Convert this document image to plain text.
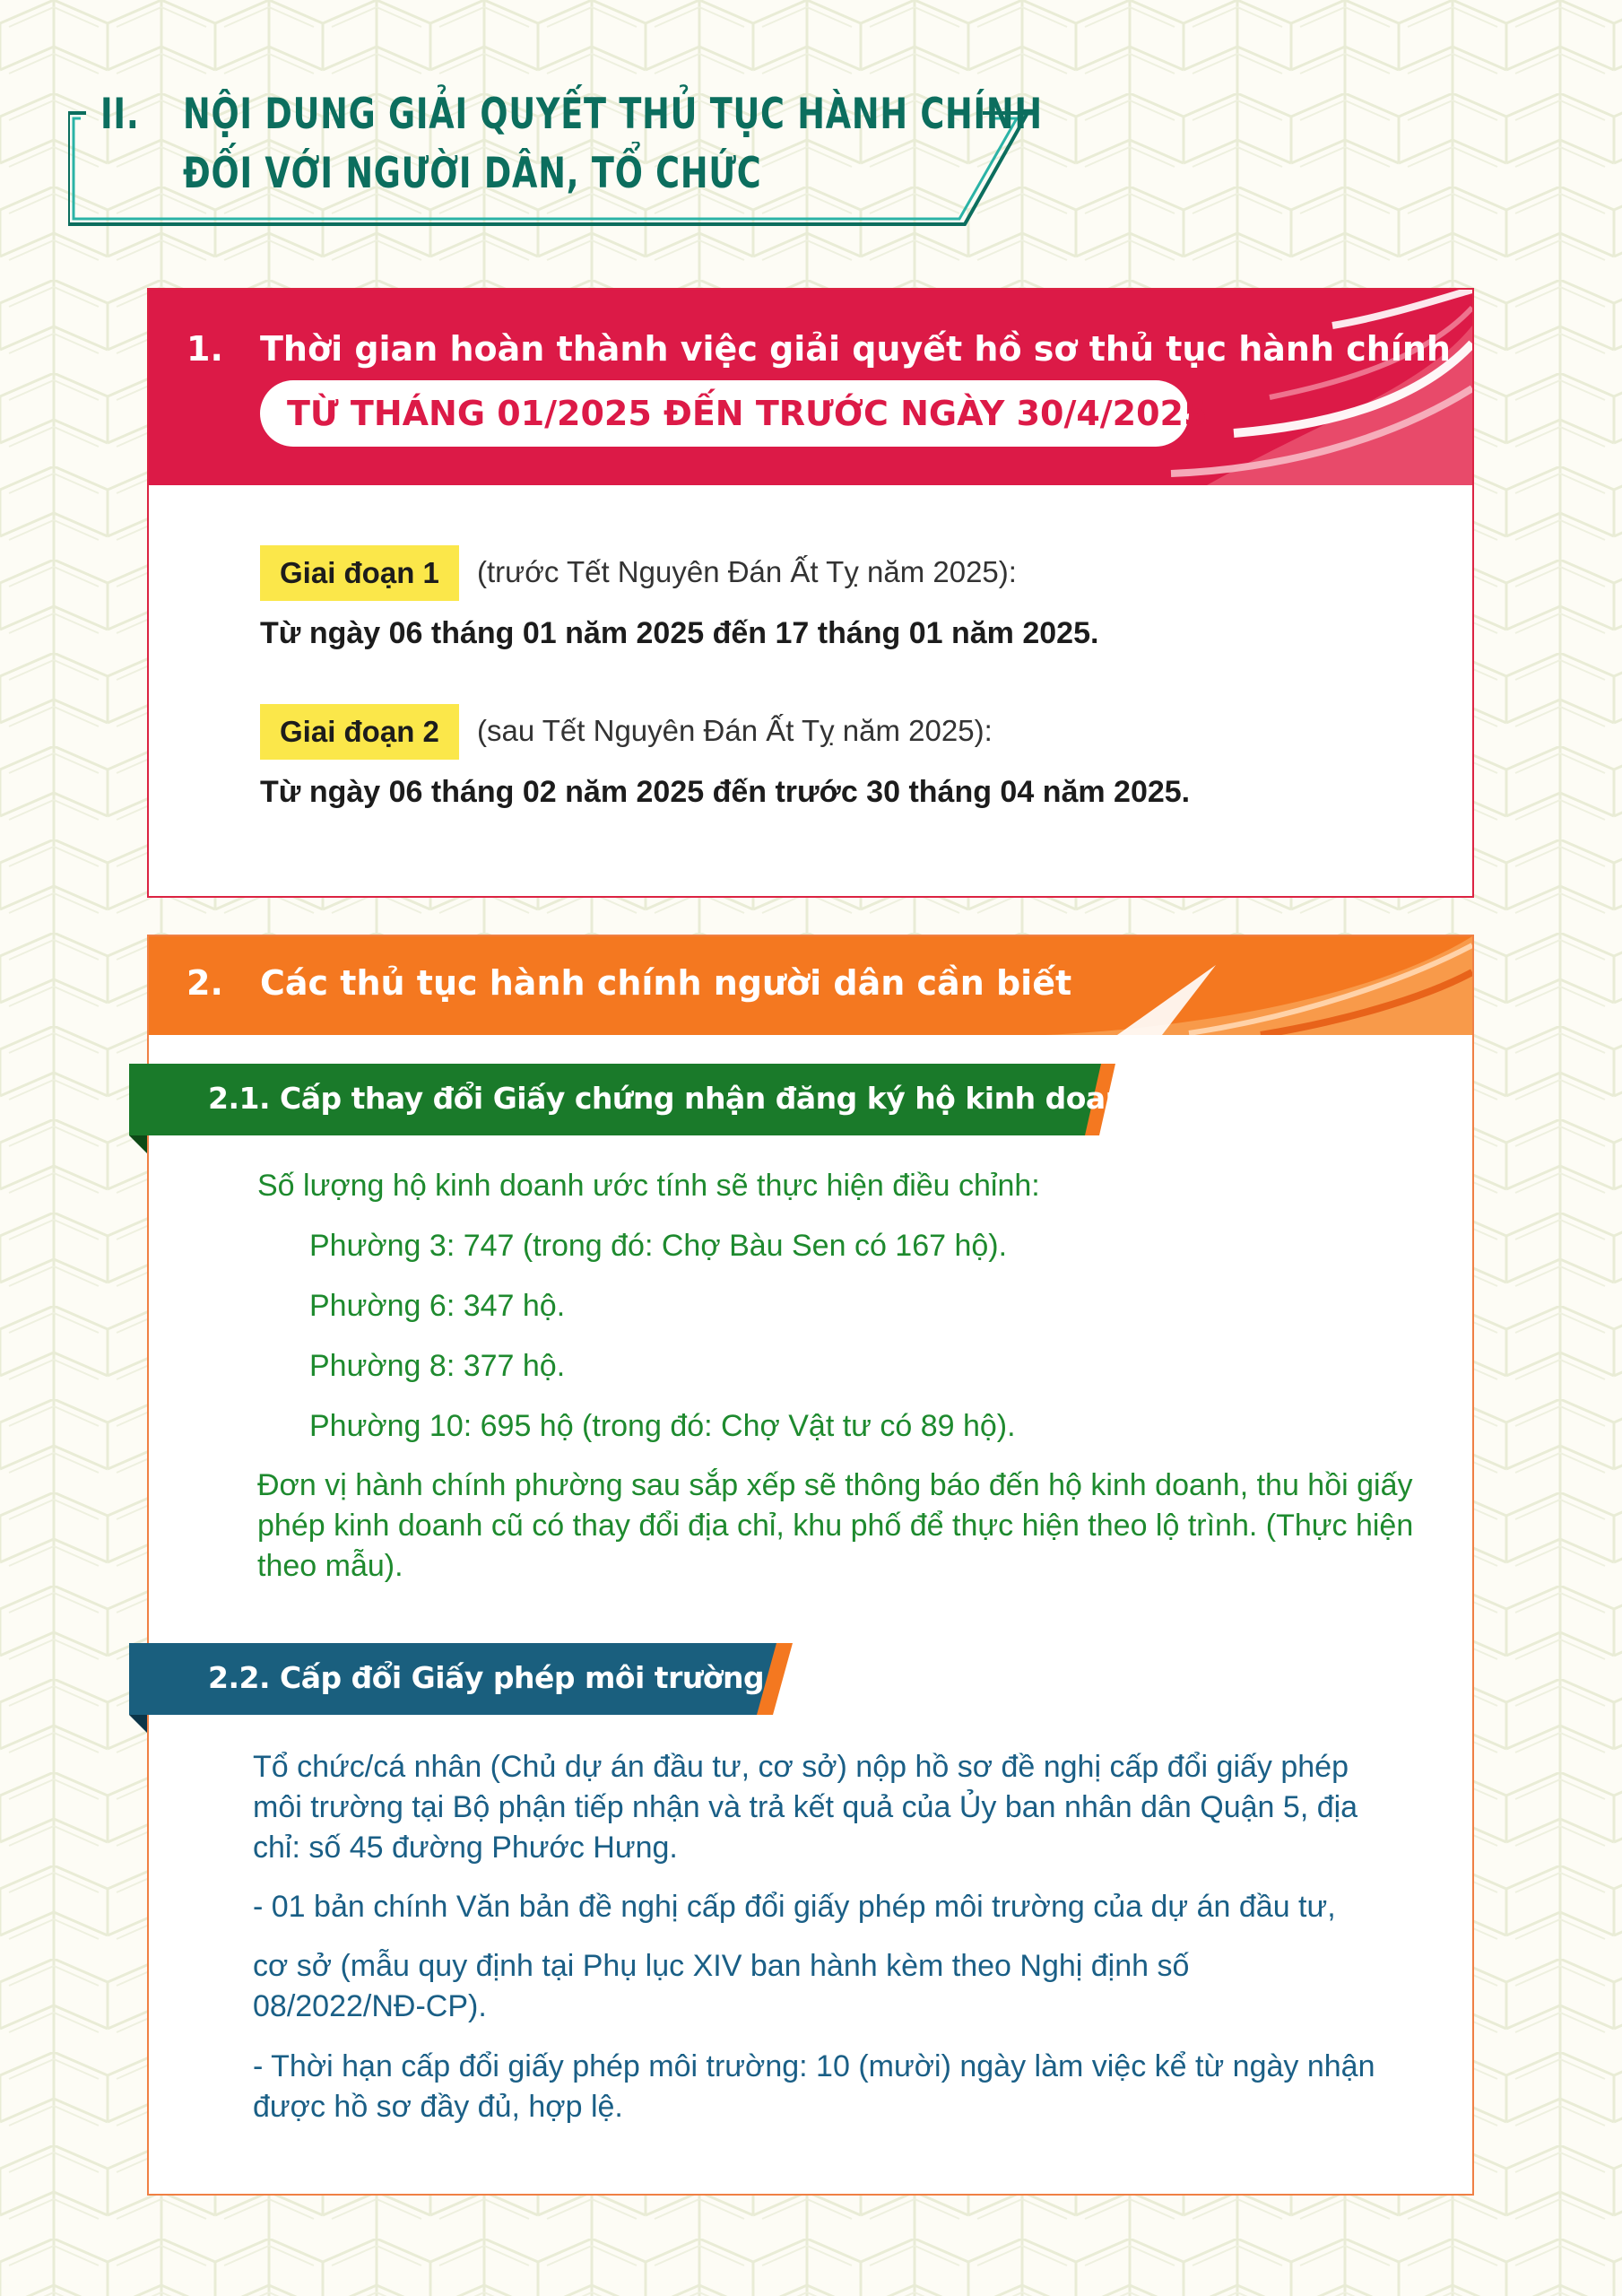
II. NỘI DUNG GIẢI QUYẾT THỦ TỤC HÀNH CHÍNH
ĐỐI VỚI NGƯỜI DÂN, TỔ CHỨC
1. Thời gian hoàn thành việc giải quyết hồ sơ thủ tục hành chính
TỪ THÁNG 01/2025 ĐẾN TRƯỚC NGÀY 30/4/2025
Giai đoạn 1	(trước Tết Nguyên Đán Ất Tỵ năm 2025):
Từ ngày 06 tháng 01 năm 2025 đến 17 tháng 01 năm 2025.
Giai đoạn 2	(sau Tết Nguyên Đán Ất Tỵ năm 2025):
Từ ngày 06 tháng 02 năm 2025 đến trước 30 tháng 04 năm 2025.
2. Các thủ tục hành chính người dân cần biết
2.1. Cấp thay đổi Giấy chứng nhận đăng ký hộ kinh doanh
Số lượng hộ kinh doanh ước tính sẽ thực hiện điều chỉnh:
Phường 3: 747 (trong đó: Chợ Bàu Sen có 167 hộ).
Phường 6: 347 hộ.
Phường 8: 377 hộ.
Phường 10: 695 hộ (trong đó: Chợ Vật tư có 89 hộ).
Đơn vị hành chính phường sau sắp xếp sẽ thông báo đến hộ kinh doanh, thu hồi giấy phép kinh doanh cũ có thay đổi địa chỉ, khu phố để thực hiện theo lộ trình. (Thực hiện theo mẫu).
2.2. Cấp đổi Giấy phép môi trường
Tổ chức/cá nhân (Chủ dự án đầu tư, cơ sở) nộp hồ sơ đề nghị cấp đổi giấy phép môi trường tại Bộ phận tiếp nhận và trả kết quả của Ủy ban nhân dân Quận 5, địa chỉ: số 45 đường Phước Hưng.
- 01 bản chính Văn bản đề nghị cấp đổi giấy phép môi trường của dự án đầu tư,
cơ sở (mẫu quy định tại Phụ lục XIV ban hành kèm theo Nghị định số 08/2022/NĐ-CP).
- Thời hạn cấp đổi giấy phép môi trường: 10 (mười) ngày làm việc kể từ ngày nhận được hồ sơ đầy đủ, hợp lệ.
